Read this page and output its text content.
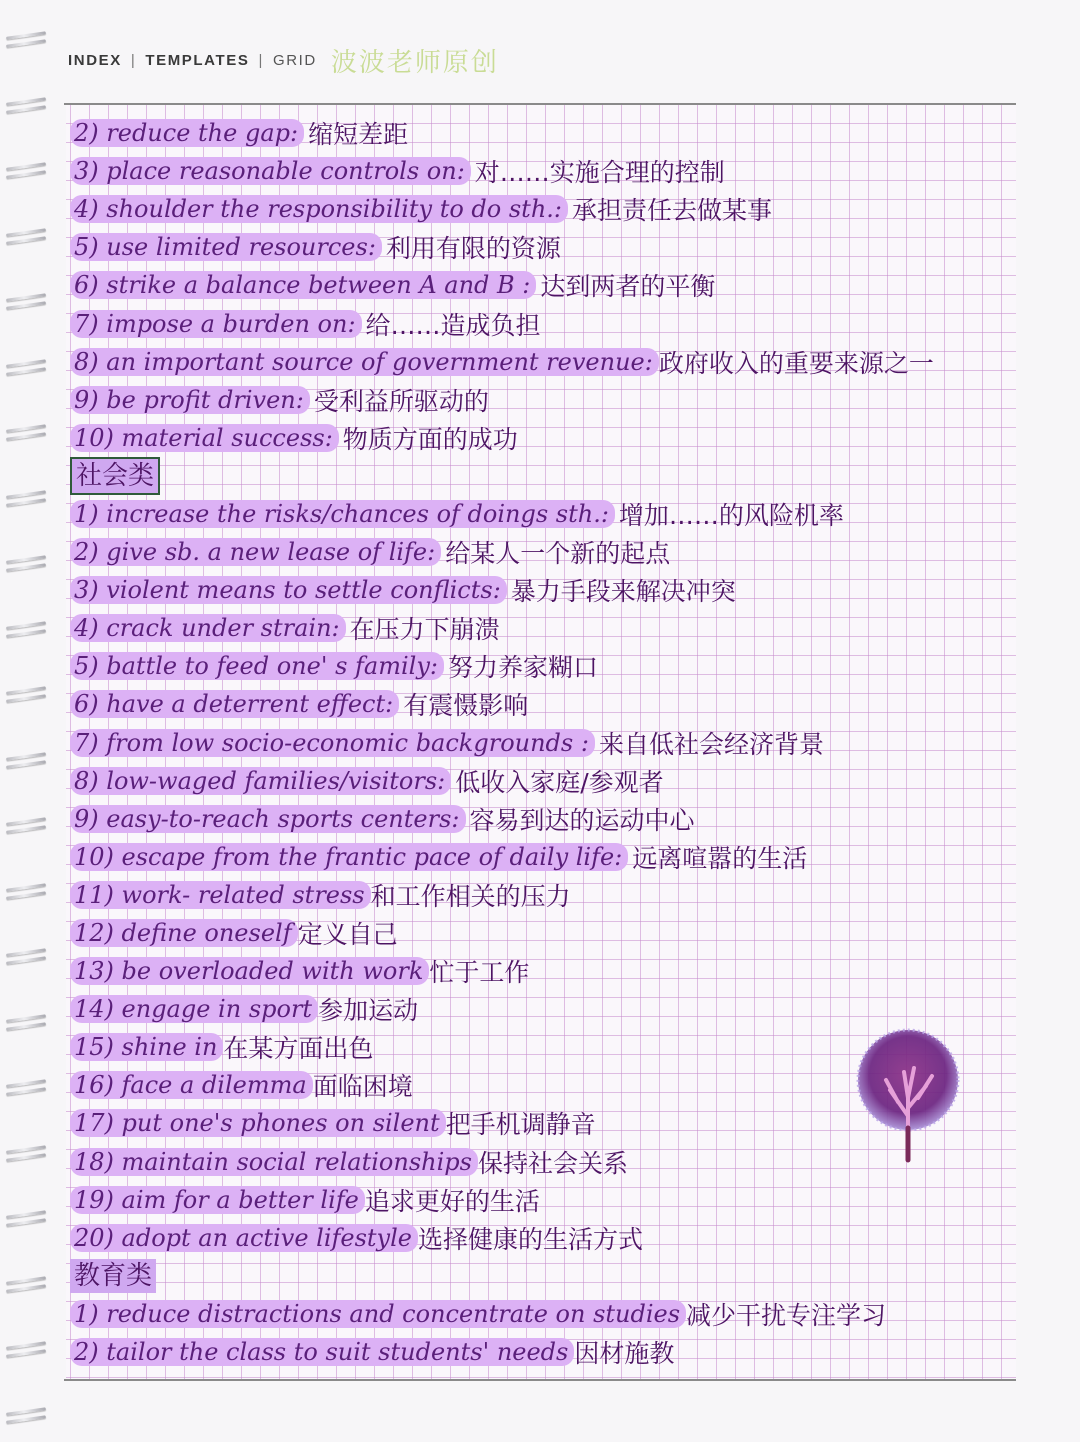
INDEX | TEMPLATES | GRID 波波老师原创
2) reduce the gap: 缩短差距
3) place reasonable controls on: 对……实施合理的控制
4) shoulder the responsibility to do sth.: 承担责任去做某事
5) use limited resources: 利用有限的资源
6) strike a balance between A and B : 达到两者的平衡
7) impose a burden on: 给……造成负担
8) an important source of government revenue: 政府收入的重要来源之一
9) be profit driven: 受利益所驱动的
10) material success: 物质方面的成功
社会类
1) increase the risks/chances of doings sth.: 增加……的风险机率
2) give sb. a new lease of life: 给某人一个新的起点
3) violent means to settle conflicts: 暴力手段来解决冲突
4) crack under strain: 在压力下崩溃
5) battle to feed one' s family: 努力养家糊口
6) have a deterrent effect: 有震慑影响
7) from low socio-economic backgrounds : 来自低社会经济背景
8) low-waged families/visitors: 低收入家庭/参观者
9) easy-to-reach sports centers: 容易到达的运动中心
10) escape from the frantic pace of daily life: 远离喧嚣的生活
11) work- related stress 和工作相关的压力
12) define oneself 定义自己
13) be overloaded with work 忙于工作
14) engage in sport 参加运动
15) shine in 在某方面出色
16) face a dilemma 面临困境
17) put one's phones on silent 把手机调静音
18) maintain social relationships 保持社会关系
19) aim for a better life 追求更好的生活
20) adopt an active lifestyle 选择健康的生活方式
教育类
1) reduce distractions and concentrate on studies 减少干扰专注学习
2) tailor the class to suit students' needs 因材施教
